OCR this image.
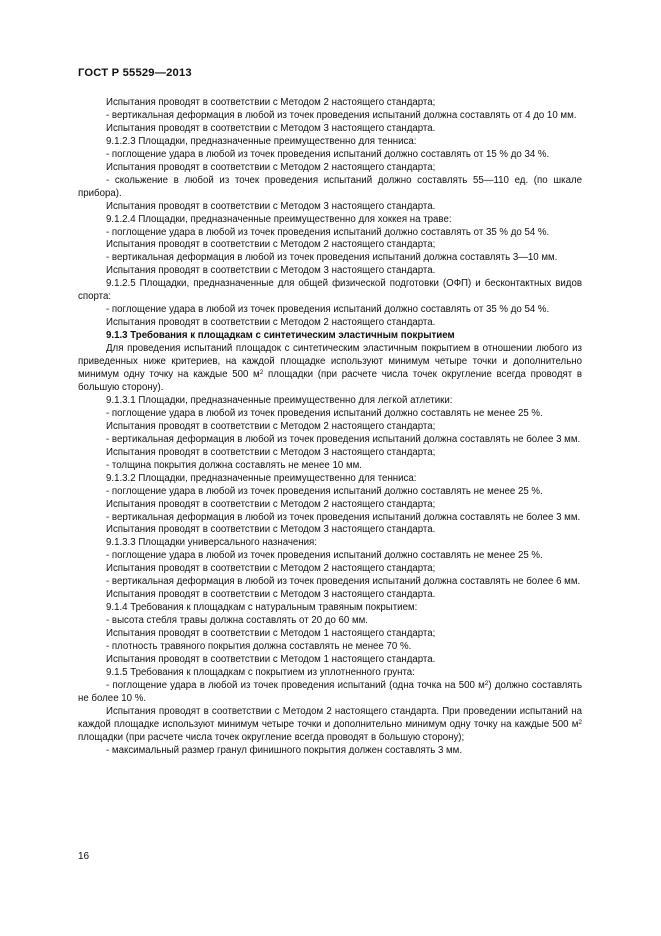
ГОСТ Р 55529—2013

Испытания проводят в соответствии с Методом 2 настоящего стандарта;

- вертикальная деформация в любой из точек проведения испытаний должна составлять от 4 до 10 мм.

Испытания проводят в соответствии с Методом 3 настоящего стандарта.

9.1.2.3 Площадки, предназначенные преимущественно для тенниса:

- поглощение удара в любой из точек проведения испытаний должно составлять от 15 % до 34 %.

Испытания проводят в соответствии с Методом 2 настоящего стандарта;

- скольжение в любой из точек проведения испытаний должно составлять 55—110 ед. (по шкале прибора).

Испытания проводят в соответствии с Методом 3 настоящего стандарта.

9.1.2.4 Площадки, предназначенные преимущественно для хоккея на траве:

- поглощение удара в любой из точек проведения испытаний должно составлять от 35 % до 54 %.

Испытания проводят в соответствии с Методом 2 настоящего стандарта;

- вертикальная деформация в любой из точек проведения испытаний должна составлять 3—10 мм.

Испытания проводят в соответствии с Методом 3 настоящего стандарта.

9.1.2.5 Площадки, предназначенные для общей физической подготовки (ОФП) и бесконтактных видов спорта:

- поглощение удара в любой из точек проведения испытаний должно составлять от 35 % до 54 %.

Испытания проводят в соответствии с Методом 2 настоящего стандарта.

9.1.3 Требования к площадкам с синтетическим эластичным покрытием

Для проведения испытаний площадок с синтетическим эластичным покрытием в отношении любого из приведенных ниже критериев, на каждой площадке используют минимум четыре точки и дополнительно минимум одну точку на каждые 500 $м^2$ площадки (при расчете числа точек округление всегда проводят в большую сторону).

9.1.3.1 Площадки, предназначенные преимущественно для легкой атлетики:

- поглощение удара в любой из точек проведения испытаний должно составлять не менее 25 %.

Испытания проводят в соответствии с Методом 2 настоящего стандарта;

- вертикальная деформация в любой из точек проведения испытаний должна составлять не более 3 мм.

Испытания проводят в соответствии с Методом 3 настоящего стандарта;

- толщина покрытия должна составлять не менее 10 мм.

9.1.3.2 Площадки, предназначенные преимущественно для тенниса:

- поглощение удара в любой из точек проведения испытаний должно составлять не менее 25 %.

Испытания проводят в соответствии с Методом 2 настоящего стандарта;

- вертикальная деформация в любой из точек проведения испытаний должна составлять не более 3 мм.

Испытания проводят в соответствии с Методом 3 настоящего стандарта.

9.1.3.3 Площадки универсального назначения:

- поглощение удара в любой из точек проведения испытаний должно составлять не менее 25 %.

Испытания проводят в соответствии с Методом 2 настоящего стандарта;

- вертикальная деформация в любой из точек проведения испытаний должна составлять не более 6 мм.

Испытания проводят в соответствии с Методом 3 настоящего стандарта.

9.1.4 Требования к площадкам с натуральным травяным покрытием:

- высота стебля травы должна составлять от 20 до 60 мм.

Испытания проводят в соответствии с Методом 1 настоящего стандарта;

- плотность травяного покрытия должна составлять не менее 70 %.

Испытания проводят в соответствии с Методом 1 настоящего стандарта.

9.1.5 Требования к площадкам с покрытием из уплотненного грунта:

- поглощение удара в любой из точек проведения испытаний (одна точка на 500 $м^2$) должно составлять не более 10 %.

Испытания проводят в соответствии с Методом 2 настоящего стандарта. При проведении испытаний на каждой площадке используют минимум четыре точки и дополнительно минимум одну точку на каждые 500 $м^2$ площадки (при расчете числа точек округление всегда проводят в большую сторону);

- максимальный размер гранул финишного покрытия должен составлять 3 мм.

16
